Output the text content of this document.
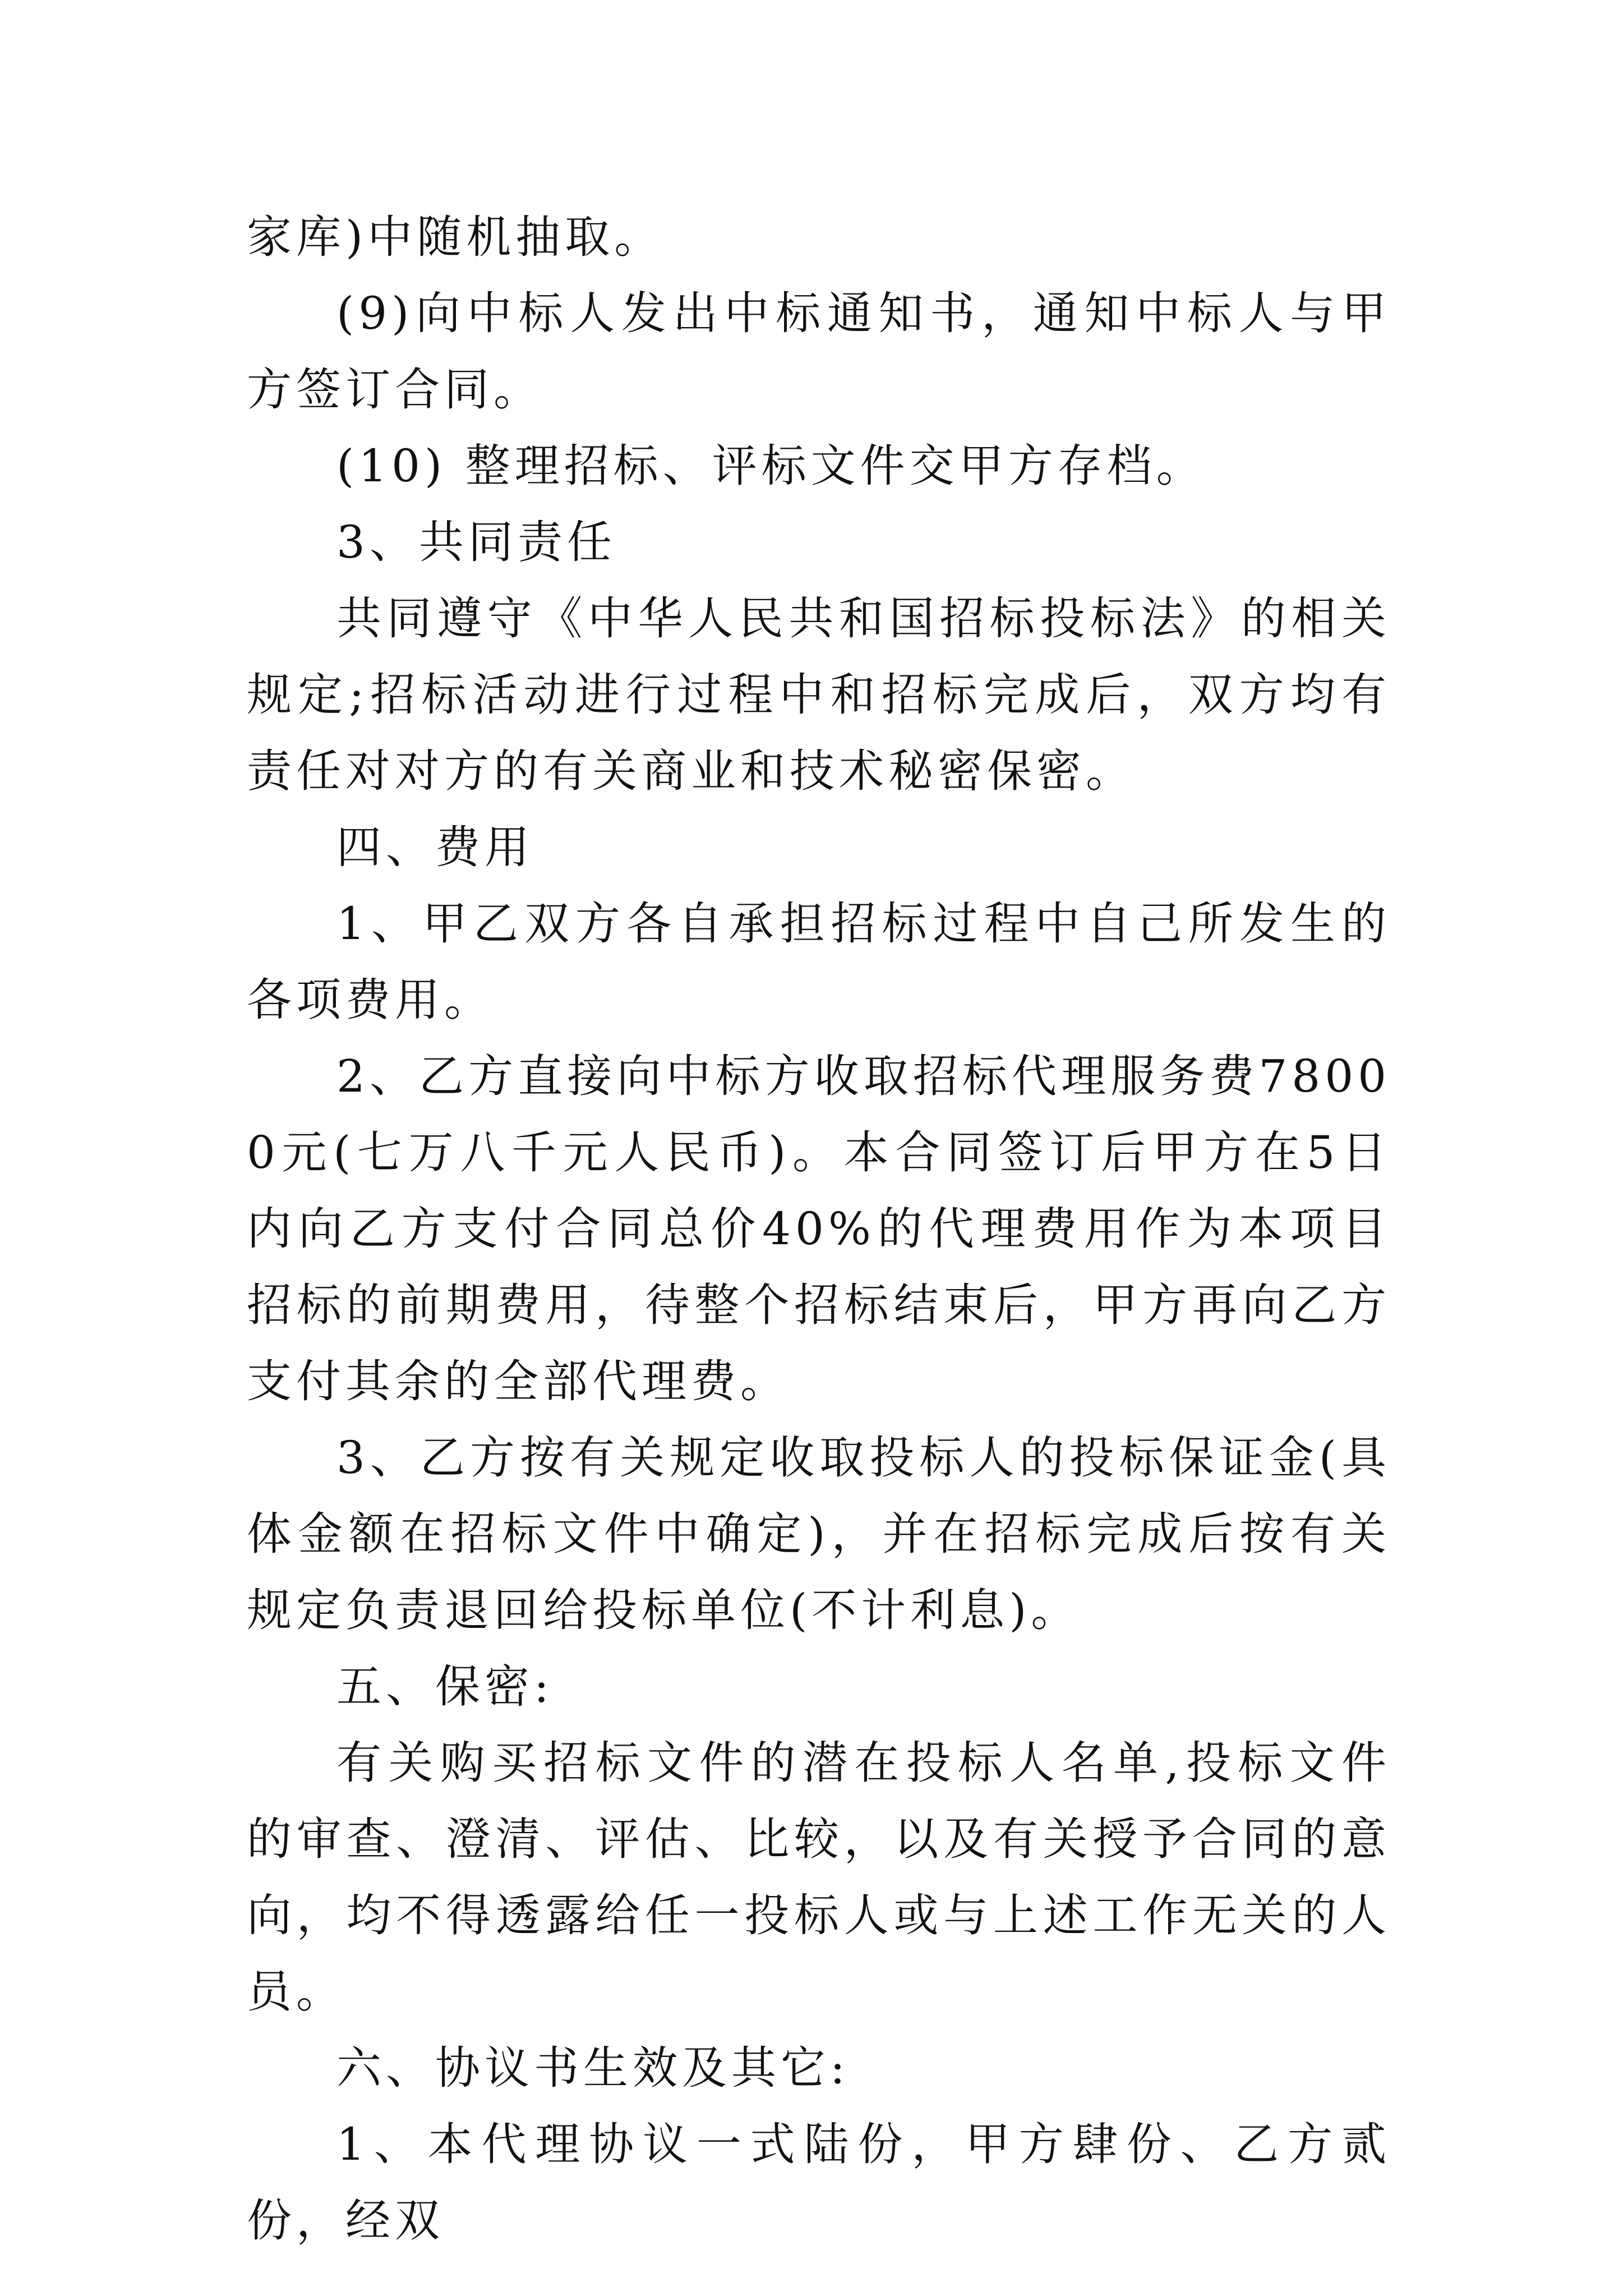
家库)中随机抽取。

(9)向中标人发出中标通知书，通知中标人与甲方签订合同。

(10) 整理招标、评标文件交甲方存档。

3、共同责任

共同遵守《中华人民共和国招标投标法》的相关规定;招标活动进行过程中和招标完成后，双方均有责任对对方的有关商业和技术秘密保密。

四、费用

1、甲乙双方各自承担招标过程中自己所发生的各项费用。

2、乙方直接向中标方收取招标代理服务费78000元(七万八千元人民币)。本合同签订后甲方在5日内向乙方支付合同总价40%的代理费用作为本项目招标的前期费用，待整个招标结束后，甲方再向乙方支付其余的全部代理费。

3、乙方按有关规定收取投标人的投标保证金(具体金额在招标文件中确定)，并在招标完成后按有关规定负责退回给投标单位(不计利息)。

五、保密:

有关购买招标文件的潜在投标人名单,投标文件的审查、澄清、评估、比较，以及有关授予合同的意向，均不得透露给任一投标人或与上述工作无关的人员。

六、协议书生效及其它:

1、本代理协议一式陆份，甲方肆份、乙方贰份，经双
